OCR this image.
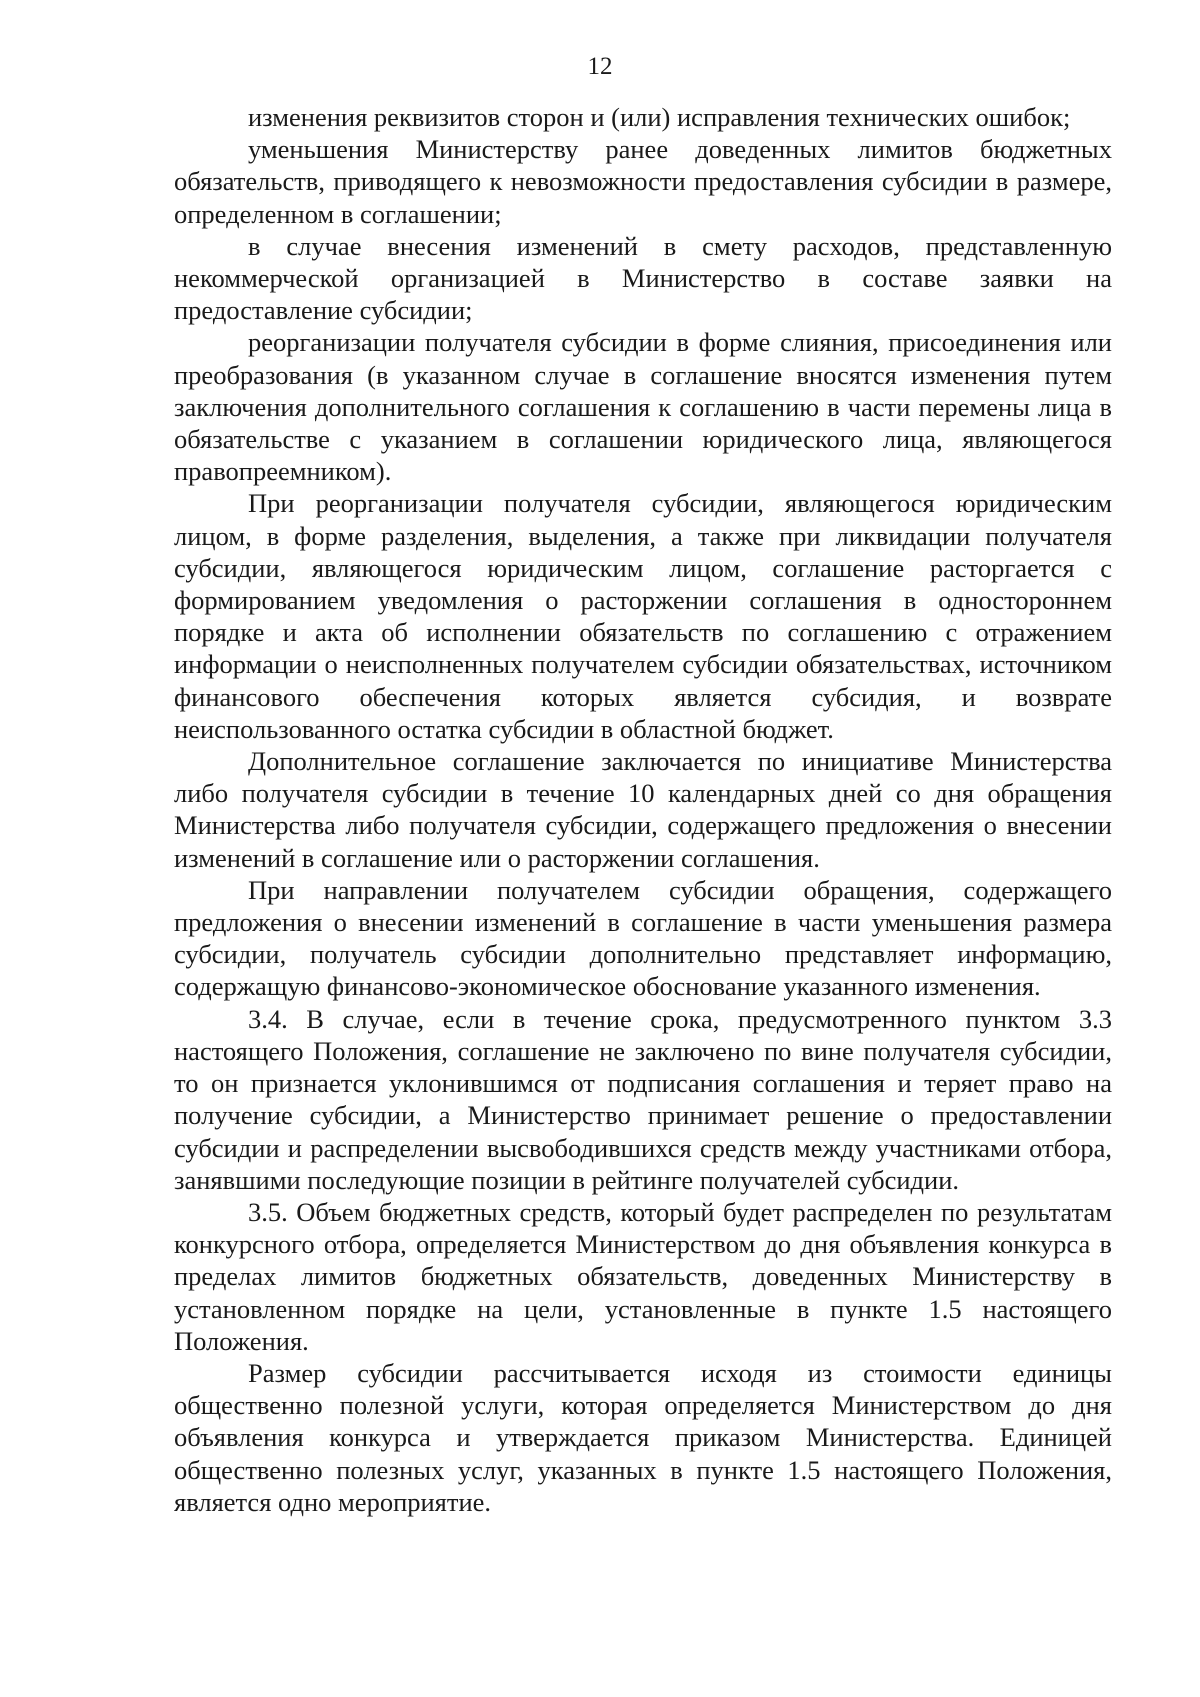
12

изменения реквизитов сторон и (или) исправления технических ошибок;

уменьшения Министерству ранее доведенных лимитов бюджетных обязательств, приводящего к невозможности предоставления субсидии в размере, определенном в соглашении;

в случае внесения изменений в смету расходов, представленную некоммерческой организацией в Министерство в составе заявки на предоставление субсидии;

реорганизации получателя субсидии в форме слияния, присоединения или преобразования (в указанном случае в соглашение вносятся изменения путем заключения дополнительного соглашения к соглашению в части перемены лица в обязательстве с указанием в соглашении юридического лица, являющегося правопреемником).

При реорганизации получателя субсидии, являющегося юридическим лицом, в форме разделения, выделения, а также при ликвидации получателя субсидии, являющегося юридическим лицом, соглашение расторгается с формированием уведомления о расторжении соглашения в одностороннем порядке и акта об исполнении обязательств по соглашению с отражением информации о неисполненных получателем субсидии обязательствах, источником финансового обеспечения которых является субсидия, и возврате неиспользованного остатка субсидии в областной бюджет.

Дополнительное соглашение заключается по инициативе Министерства либо получателя субсидии в течение 10 календарных дней со дня обращения Министерства либо получателя субсидии, содержащего предложения о внесении изменений в соглашение или о расторжении соглашения.

При направлении получателем субсидии обращения, содержащего предложения о внесении изменений в соглашение в части уменьшения размера субсидии, получатель субсидии дополнительно представляет информацию, содержащую финансово-экономическое обоснование указанного изменения.

3.4. В случае, если в течение срока, предусмотренного пунктом 3.3 настоящего Положения, соглашение не заключено по вине получателя субсидии, то он признается уклонившимся от подписания соглашения и теряет право на получение субсидии, а Министерство принимает решение о предоставлении субсидии и распределении высвободившихся средств между участниками отбора, занявшими последующие позиции в рейтинге получателей субсидии.

3.5. Объем бюджетных средств, который будет распределен по результатам конкурсного отбора, определяется Министерством до дня объявления конкурса в пределах лимитов бюджетных обязательств, доведенных Министерству в установленном порядке на цели, установленные в пункте 1.5 настоящего Положения.

Размер субсидии рассчитывается исходя из стоимости единицы общественно полезной услуги, которая определяется Министерством до дня объявления конкурса и утверждается приказом Министерства. Единицей общественно полезных услуг, указанных в пункте 1.5 настоящего Положения, является одно мероприятие.
